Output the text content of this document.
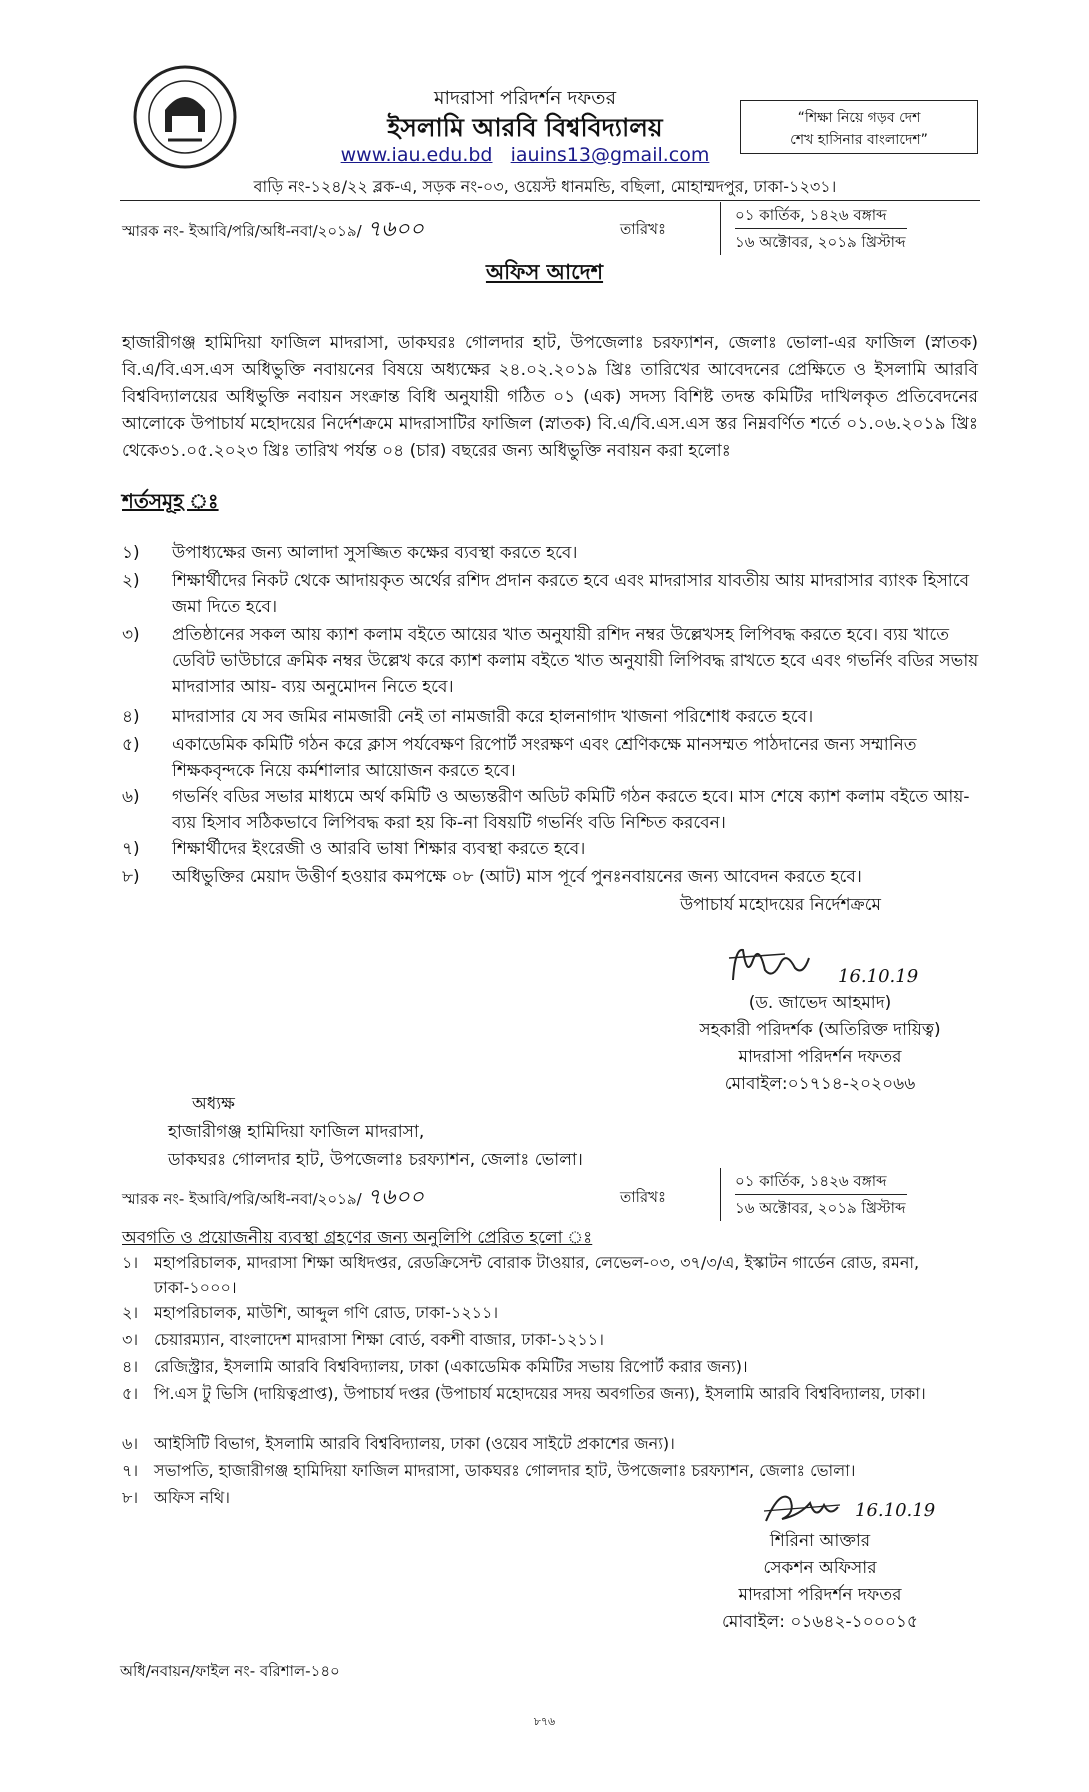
মাদরাসা পরিদর্শন দফতর
ইসলামি আরবি বিশ্ববিদ্যালয়
www.iau.edu.bd iauins13@gmail.com
“শিক্ষা নিয়ে গড়ব দেশ
শেখ হাসিনার বাংলাদেশ”
বাড়ি নং-১২৪/২২ ব্লক-এ, সড়ক নং-০৩, ওয়েস্ট ধানমন্ডি, বছিলা, মোহাম্মদপুর, ঢাকা-১২৩১।
স্মারক নং- ইআবি/পরি/অধি-নবা/২০১৯/ ৭৬০০	তারিখঃ
০১ কার্তিক, ১৪২৬ বঙ্গাব্দ
১৬ অক্টোবর, ২০১৯ খ্রিস্টাব্দ
অফিস আদেশ
হাজারীগঞ্জ হামিদিয়া ফাজিল মাদরাসা, ডাকঘরঃ গোলদার হাট, উপজেলাঃ চরফ্যাশন, জেলাঃ ভোলা-এর ফাজিল (স্নাতক) বি.এ/বি.এস.এস অধিভুক্তি নবায়নের বিষয়ে অধ্যক্ষের ২৪.০২.২০১৯ খ্রিঃ তারিখের আবেদনের প্রেক্ষিতে ও ইসলামি আরবি বিশ্ববিদ্যালয়ের অধিভুক্তি নবায়ন সংক্রান্ত বিধি অনুযায়ী গঠিত ০১ (এক) সদস্য বিশিষ্ট তদন্ত কমিটির দাখিলকৃত প্রতিবেদনের আলোকে উপাচার্য মহোদয়ের নির্দেশক্রমে মাদরাসাটির ফাজিল (স্নাতক) বি.এ/বি.এস.এস স্তর নিম্নবর্ণিত শর্তে ০১.০৬.২০১৯ খ্রিঃ থেকে৩১.০৫.২০২৩ খ্রিঃ তারিখ পর্যন্ত ০৪ (চার) বছরের জন্য অধিভুক্তি নবায়ন করা হলোঃ
শর্তসমূহ ঃ
১)	উপাধ্যক্ষের জন্য আলাদা সুসজ্জিত কক্ষের ব্যবস্থা করতে হবে।
২)	শিক্ষার্থীদের নিকট থেকে আদায়কৃত অর্থের রশিদ প্রদান করতে হবে এবং মাদরাসার যাবতীয় আয় মাদরাসার ব্যাংক হিসাবে জমা দিতে হবে।
৩)	প্রতিষ্ঠানের সকল আয় ক্যাশ কলাম বইতে আয়ের খাত অনুযায়ী রশিদ নম্বর উল্লেখসহ লিপিবদ্ধ করতে হবে। ব্যয় খাতে ডেবিট ভাউচারে ক্রমিক নম্বর উল্লেখ করে ক্যাশ কলাম বইতে খাত অনুযায়ী লিপিবদ্ধ রাখতে হবে এবং গভর্নিং বডির সভায় মাদরাসার আয়- ব্যয় অনুমোদন নিতে হবে।
৪)	মাদরাসার যে সব জমির নামজারী নেই তা নামজারী করে হালনাগাদ খাজনা পরিশোধ করতে হবে।
৫)	একাডেমিক কমিটি গঠন করে ক্লাস পর্যবেক্ষণ রিপোর্ট সংরক্ষণ এবং শ্রেণিকক্ষে মানসম্মত পাঠদানের জন্য সম্মানিত শিক্ষকবৃন্দকে নিয়ে কর্মশালার আয়োজন করতে হবে।
৬)	গভর্নিং বডির সভার মাধ্যমে অর্থ কমিটি ও অভ্যন্তরীণ অডিট কমিটি গঠন করতে হবে। মাস শেষে ক্যাশ কলাম বইতে আয়-ব্যয় হিসাব সঠিকভাবে লিপিবদ্ধ করা হয় কি-না বিষয়টি গভর্নিং বডি নিশ্চিত করবেন।
৭)	শিক্ষার্থীদের ইংরেজী ও আরবি ভাষা শিক্ষার ব্যবস্থা করতে হবে।
৮)	অধিভুক্তির মেয়াদ উত্তীর্ণ হওয়ার কমপক্ষে ০৮ (আট) মাস পূর্বে পুনঃনবায়নের জন্য আবেদন করতে হবে।
উপাচার্য মহোদয়ের নির্দেশক্রমে
16.10.19
(ড. জাভেদ আহমাদ)
সহকারী পরিদর্শক (অতিরিক্ত দায়িত্ব)
মাদরাসা পরিদর্শন দফতর
মোবাইল:০১৭১৪-২০২০৬৬
অধ্যক্ষ
হাজারীগঞ্জ হামিদিয়া ফাজিল মাদরাসা,
ডাকঘরঃ গোলদার হাট, উপজেলাঃ চরফ্যাশন, জেলাঃ ভোলা।
স্মারক নং- ইআবি/পরি/অধি-নবা/২০১৯/ ৭৬০০	তারিখঃ
০১ কার্তিক, ১৪২৬ বঙ্গাব্দ
১৬ অক্টোবর, ২০১৯ খ্রিস্টাব্দ
অবগতি ও প্রয়োজনীয় ব্যবস্থা গ্রহণের জন্য অনুলিপি প্রেরিত হলো ঃ
১। মহাপরিচালক, মাদরাসা শিক্ষা অধিদপ্তর, রেডক্রিসেন্ট বোরাক টাওয়ার, লেভেল-০৩, ৩৭/৩/এ, ইস্কাটন গার্ডেন রোড, রমনা, ঢাকা-১০০০।
২। মহাপরিচালক, মাউশি, আব্দুল গণি রোড, ঢাকা-১২১১।
৩। চেয়ারম্যান, বাংলাদেশ মাদরাসা শিক্ষা বোর্ড, বকশী বাজার, ঢাকা-১২১১।
৪। রেজিস্ট্রার, ইসলামি আরবি বিশ্ববিদ্যালয়, ঢাকা (একাডেমিক কমিটির সভায় রিপোর্ট করার জন্য)।
৫। পি.এস টু ভিসি (দায়িত্বপ্রাপ্ত), উপাচার্য দপ্তর (উপাচার্য মহোদয়ের সদয় অবগতির জন্য), ইসলামি আরবি বিশ্ববিদ্যালয়, ঢাকা।
৬। আইসিটি বিভাগ, ইসলামি আরবি বিশ্ববিদ্যালয়, ঢাকা (ওয়েব সাইটে প্রকাশের জন্য)।
৭। সভাপতি, হাজারীগঞ্জ হামিদিয়া ফাজিল মাদরাসা, ডাকঘরঃ গোলদার হাট, উপজেলাঃ চরফ্যাশন, জেলাঃ ভোলা।
৮। অফিস নথি।
16.10.19
শিরিনা আক্তার
সেকশন অফিসার
মাদরাসা পরিদর্শন দফতর
মোবাইল: ০১৬৪২-১০০০১৫
অধি/নবায়ন/ফাইল নং- বরিশাল-১৪০
৮৭৬
